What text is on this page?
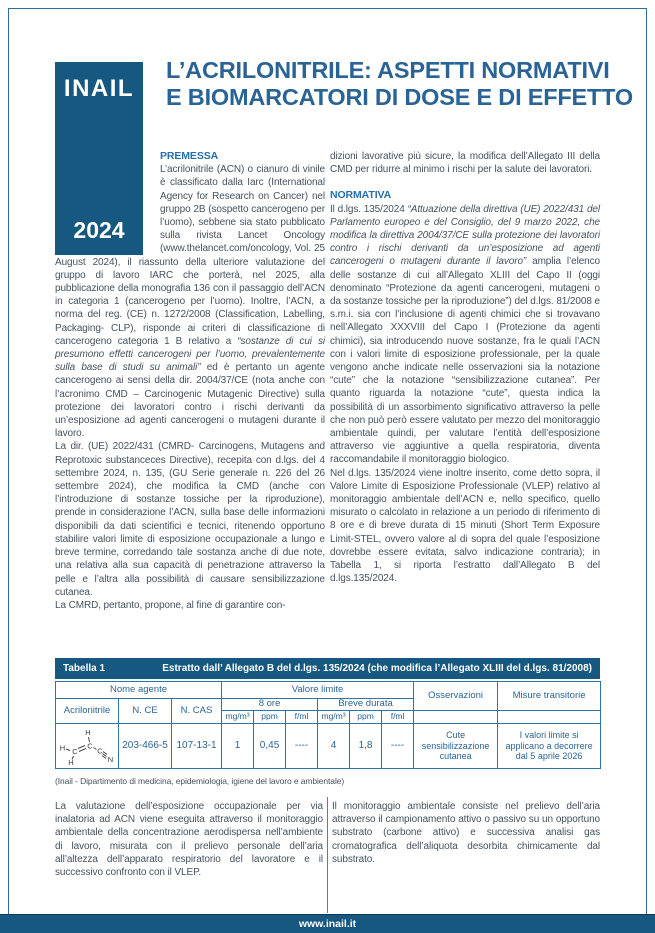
INAIL
2024
L’ACRILONITRILE: ASPETTI NORMATIVI
E BIOMARCATORI DI DOSE E DI EFFETTO
PREMESSA

L’acrilonitrile (ACN) o cianuro di vinile è classificato dalla Iarc (International Agency for Research on Cancer) nel gruppo 2B (sospetto cancerogeno per l’uomo), sebbene sia stato pubblicato sulla rivista Lancet Oncology (www.thelancet.com/oncology, Vol. 25 August 2024), il riassunto della ulteriore valutazione del gruppo di lavoro IARC che porterà, nel 2025, alla pubblicazione della monografia 136 con il passaggio dell’ACN in categoria 1 (cancerogeno per l’uomo). Inoltre, l’ACN, a norma del reg. (CE) n. 1272/2008 (Classification, Labelling, Packaging- CLP), risponde ai criteri di classificazione di cancerogeno categoria 1 B relativo a “sostanze di cui si presumono effetti cancerogeni per l’uomo, prevalentemente sulla base di studi su animali” ed è pertanto un agente cancerogeno ai sensi della dir. 2004/37/CE (nota anche con l’acronimo CMD – Carcinogenic Mutagenic Directive) sulla protezione dei lavoratori contro i rischi derivanti da un’esposizione ad agenti cancerogeni o mutageni durante il lavoro.

La dir. (UE) 2022/431 (CMRD- Carcinogens, Mutagens and Reprotoxic substanceces Directive), recepita con d.lgs. del 4 settembre 2024, n. 135, (GU Serie generale n. 226 del 26 settembre 2024), che modifica la CMD (anche con l’introduzione di sostanze tossiche per la riproduzione), prende in considerazione l’ACN, sulla base delle informazioni disponibili da dati scientifici e tecnici, ritenendo opportuno stabilire valori limite di esposizione occupazionale a lungo e breve termine, corredando tale sostanza anche di due note, una relativa alla sua capacità di penetrazione attraverso la pelle e l’altra alla possibilità di causare sensibilizzazione cutanea.

La CMRD, pertanto, propone, al fine di garantire con-

dizioni lavorative più sicure, la modifica dell’Allegato III della CMD per ridurre al minimo i rischi per la salute dei lavoratori.

NORMATIVA

Il d.lgs. 135/2024 “Attuazione della direttiva (UE) 2022/431 del Parlamento europeo e del Consiglio, del 9 marzo 2022, che modifica la direttiva 2004/37/CE sulla protezione dei lavoratori contro i rischi derivanti da un’esposizione ad agenti cancerogeni o mutageni durante il lavoro” amplia l’elenco delle sostanze di cui all’Allegato XLIII del Capo II (oggi denominato “Protezione da agenti cancerogeni, mutageni o da sostanze tossiche per la riproduzione”) del d.lgs. 81/2008 e s.m.i. sia con l’inclusione di agenti chimici che si trovavano nell’Allegato XXXVIII del Capo I (Protezione da agenti chimici), sia introducendo nuove sostanze, fra le quali l’ACN con i valori limite di esposizione professionale, per la quale vengono anche indicate nelle osservazioni sia la notazione “cute” che la notazione “sensibilizzazione cutanea”. Per quanto riguarda la notazione “cute”, questa indica la possibilità di un assorbimento significativo attraverso la pelle che non può però essere valutato per mezzo del monitoraggio ambientale quindi, per valutare l’entità dell’esposizione attraverso vie aggiuntive a quella respiratoria, diventa raccomandabile il monitoraggio biologico.

Nel d.lgs. 135/2024 viene inoltre inserito, come detto sopra, il Valore Limite di Esposizione Professionale (VLEP) relativo al monitoraggio ambientale dell’ACN e, nello specifico, quello misurato o calcolato in relazione a un periodo di riferimento di 8 ore e di breve durata di 15 minuti (Short Term Exposure Limit-STEL, ovvero valore al di sopra del quale l’esposizione dovrebbe essere evitata, salvo indicazione contraria); in Tabella 1, si riporta l’estratto dall’Allegato B del d.lgs.135/2024.

Tabella 1	Estratto dall’ Allegato B del d.lgs. 135/2024 (che modifica l’Allegato XLIII del d.lgs. 81/2008)
Nome agente			Valore limite						Osservazioni	Misure transitorie
Acrilonitrile	N. CE	N. CAS	8 ore			Breve durata				
			mg/m³	ppm	f/ml	mg/m³	ppm	f/ml		

H
C
C
H
H
C
N
	203-466-5	107-13-1	1	0,45	----	4	1,8	----	Cute sensibilizzazione cutanea	I valori limite si applicano a decorrere dal 5 aprile 2026
(Inail - Dipartimento di medicina, epidemiologia, igiene del lavoro e ambientale)
La valutazione dell’esposizione occupazionale per via inalatoria ad ACN viene eseguita attraverso il monitoraggio ambientale della concentrazione aerodispersa nell’ambiente di lavoro, misurata con il prelievo personale dell’aria all’altezza dell’apparato respiratorio del lavoratore e il successivo confronto con il VLEP.
Il monitoraggio ambientale consiste nel prelievo dell’aria attraverso il campionamento attivo o passivo su un opportuno substrato (carbone attivo) e successiva analisi gas cromatografica dell’aliquota desorbita chimicamente dal substrato.
www.inail.it
